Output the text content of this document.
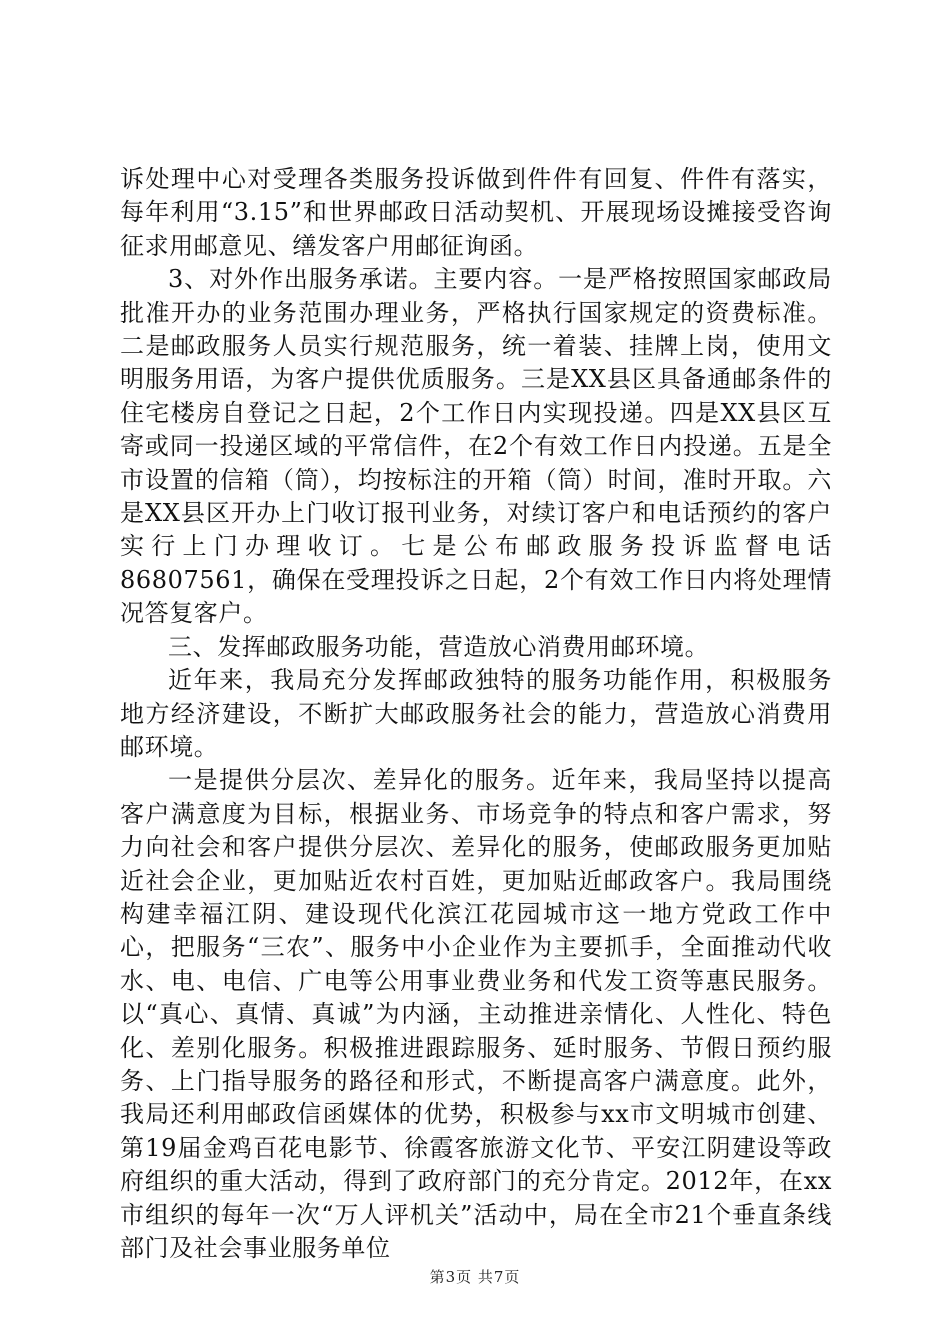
诉处理中心对受理各类服务投诉做到件件有回复、件件有落实，每年利用“3.15”和世界邮政日活动契机、开展现场设摊接受咨询征求用邮意见、缮发客户用邮征询函。

3、对外作出服务承诺。主要内容。一是严格按照国家邮政局批准开办的业务范围办理业务，严格执行国家规定的资费标准。二是邮政服务人员实行规范服务，统一着装、挂牌上岗，使用文明服务用语，为客户提供优质服务。三是XX县区具备通邮条件的住宅楼房自登记之日起，2个工作日内实现投递。四是XX县区互寄或同一投递区域的平常信件，在2个有效工作日内投递。五是全市设置的信箱（筒），均按标注的开箱（筒）时间，准时开取。六是XX县区开办上门收订报刊业务，对续订客户和电话预约的客户实行上门办理收订。七是公布邮政服务投诉监督电话86807561，确保在受理投诉之日起，2个有效工作日内将处理情况答复客户。

三、发挥邮政服务功能，营造放心消费用邮环境。

近年来，我局充分发挥邮政独特的服务功能作用，积极服务地方经济建设，不断扩大邮政服务社会的能力，营造放心消费用邮环境。

一是提供分层次、差异化的服务。近年来，我局坚持以提高客户满意度为目标，根据业务、市场竞争的特点和客户需求，努力向社会和客户提供分层次、差异化的服务，使邮政服务更加贴近社会企业，更加贴近农村百姓，更加贴近邮政客户。我局围绕构建幸福江阴、建设现代化滨江花园城市这一地方党政工作中心，把服务“三农”、服务中小企业作为主要抓手，全面推动代收水、电、电信、广电等公用事业费业务和代发工资等惠民服务。以“真心、真情、真诚”为内涵，主动推进亲情化、人性化、特色化、差别化服务。积极推进跟踪服务、延时服务、节假日预约服务、上门指导服务的路径和形式，不断提高客户满意度。此外，我局还利用邮政信函媒体的优势，积极参与xx市文明城市创建、第19届金鸡百花电影节、徐霞客旅游文化节、平安江阴建设等政府组织的重大活动，得到了政府部门的充分肯定。2012年，在xx市组织的每年一次“万人评机关”活动中，局在全市21个垂直条线部门及社会事业服务单位

第3页 共7页
